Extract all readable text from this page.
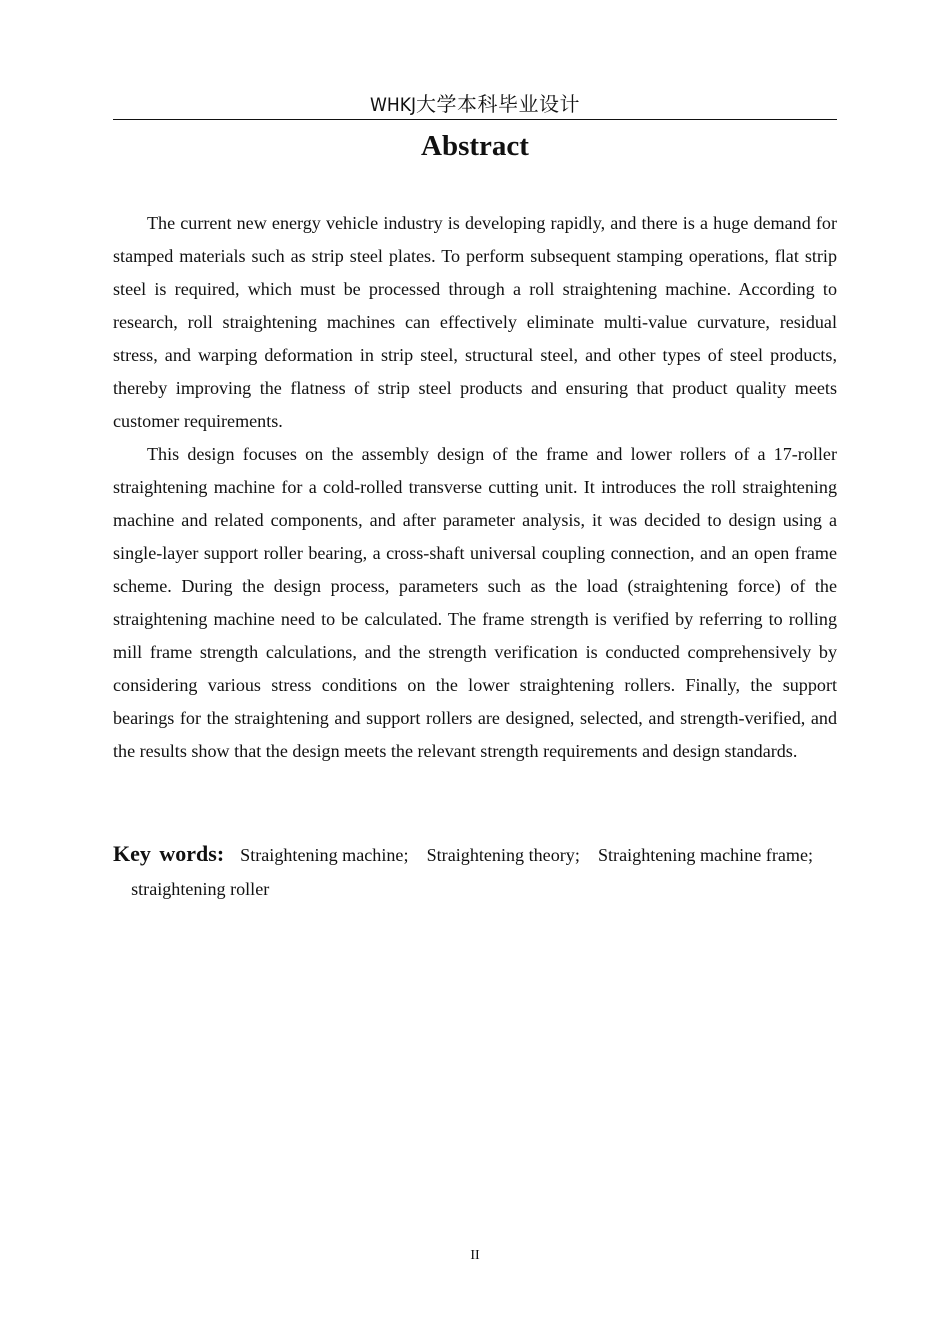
WHKJ大学本科毕业设计
Abstract

The current new energy vehicle industry is developing rapidly, and there is a huge demand for stamped materials such as strip steel plates. To perform subsequent stamping operations, flat strip steel is required, which must be processed through a roll straightening machine. According to research, roll straightening machines can effectively eliminate multi-value curvature, residual stress, and warping deformation in strip steel, structural steel, and other types of steel products, thereby improving the flatness of strip steel products and ensuring that product quality meets customer requirements.

This design focuses on the assembly design of the frame and lower rollers of a 17-roller straightening machine for a cold-rolled transverse cutting unit. It introduces the roll straightening machine and related components, and after parameter analysis, it was decided to design using a single-layer support roller bearing, a cross-shaft universal coupling connection, and an open frame scheme. During the design process, parameters such as the load (straightening force) of the straightening machine need to be calculated. The frame strength is verified by referring to rolling mill frame strength calculations, and the strength verification is conducted comprehensively by considering various stress conditions on the lower straightening rollers. Finally, the support bearings for the straightening and support rollers are designed, selected, and strength-verified, and the results show that the design meets the relevant strength requirements and design standards.

Key words: Straightening machine; Straightening theory; Straightening machine frame;    straightening roller
II
